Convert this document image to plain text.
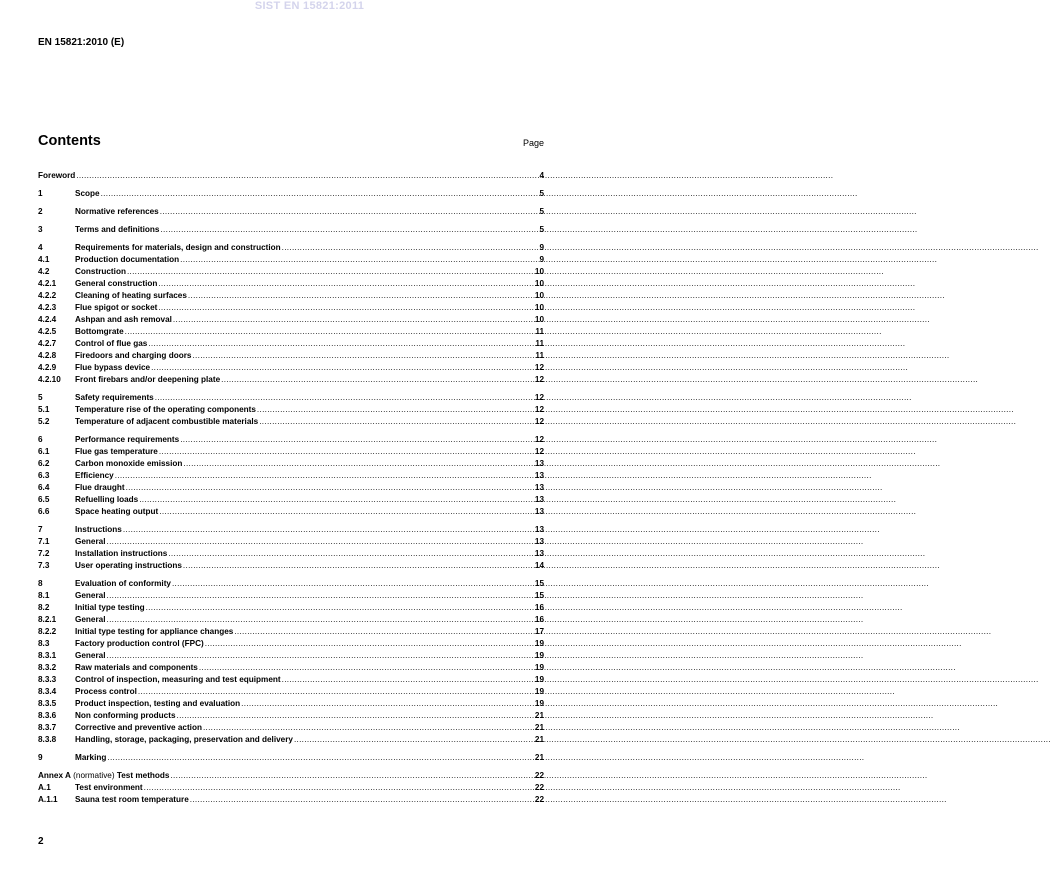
SIST EN 15821:2011
EN 15821:2010 (E)
Contents	Page
Foreword .....	4
1	Scope .....	5
2	Normative references .....	5
3	Terms and definitions .....	5
4	Requirements for materials, design and construction .....	9
4.1	Production documentation .....	9
4.2	Construction .....	10
4.2.1	General construction .....	10
4.2.2	Cleaning of heating surfaces .....	10
4.2.3	Flue spigot or socket .....	10
4.2.4	Ashpan and ash removal .....	10
4.2.5	Bottomgrate .....	11
4.2.7	Control of flue gas .....	11
4.2.8	Firedoors and charging doors .....	11
4.2.9	Flue bypass device .....	12
4.2.10	Front firebars and/or deepening plate .....	12
5	Safety requirements .....	12
5.1	Temperature rise of the operating components .....	12
5.2	Temperature of adjacent combustible materials .....	12
6	Performance requirements .....	12
6.1	Flue gas temperature .....	12
6.2	Carbon monoxide emission .....	13
6.3	Efficiency .....	13
6.4	Flue draught .....	13
6.5	Refuelling loads .....	13
6.6	Space heating output .....	13
7	Instructions .....	13
7.1	General .....	13
7.2	Installation instructions .....	13
7.3	User operating instructions .....	14
8	Evaluation of conformity .....	15
8.1	General .....	15
8.2	Initial type testing .....	16
8.2.1	General .....	16
8.2.2	Initial type testing for appliance changes .....	17
8.3	Factory production control (FPC) .....	19
8.3.1	General .....	19
8.3.2	Raw materials and components .....	19
8.3.3	Control of inspection, measuring and test equipment .....	19
8.3.4	Process control .....	19
8.3.5	Product inspection, testing and evaluation .....	19
8.3.6	Non conforming products .....	21
8.3.7	Corrective and preventive action .....	21
8.3.8	Handling, storage, packaging, preservation and delivery .....	21
9	Marking .....	21
Annex A (normative) Test methods .....	22
A.1	Test environment .....	22
A.1.1	Sauna test room temperature .....	22
2
